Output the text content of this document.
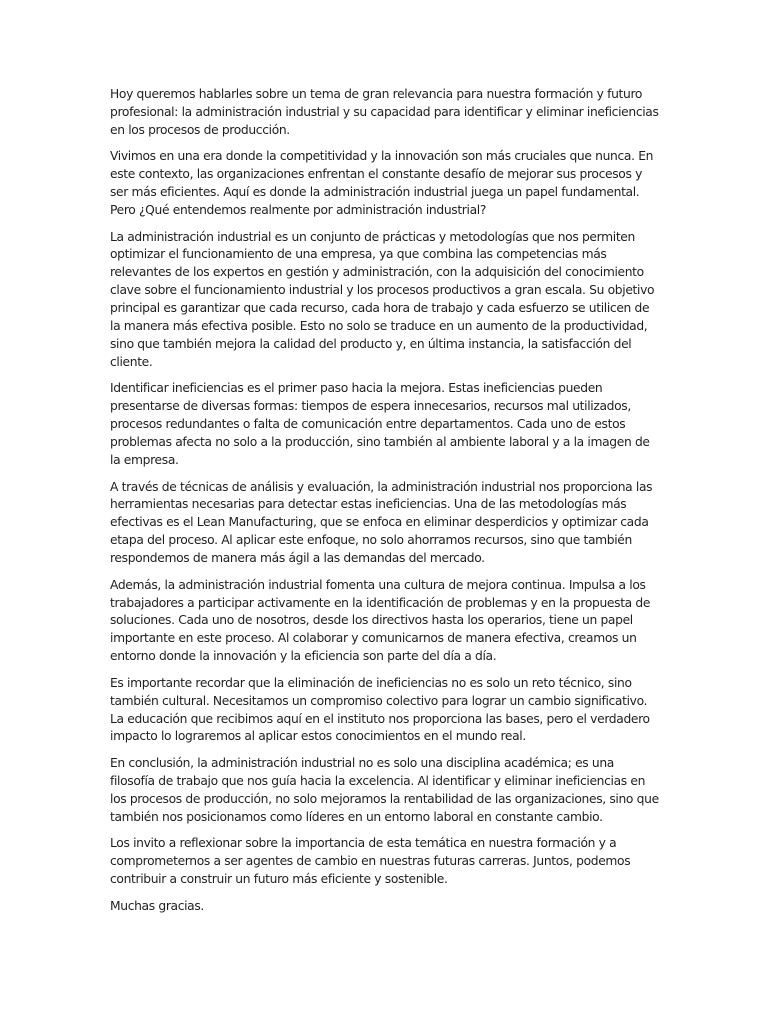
Hoy queremos hablarles sobre un tema de gran relevancia para nuestra formación y futuro profesional: la administración industrial y su capacidad para identificar y eliminar ineficiencias en los procesos de producción.

Vivimos en una era donde la competitividad y la innovación son más cruciales que nunca. En este contexto, las organizaciones enfrentan el constante desafío de mejorar sus procesos y ser más eficientes. Aquí es donde la administración industrial juega un papel fundamental. Pero ¿Qué entendemos realmente por administración industrial?

La administración industrial es un conjunto de prácticas y metodologías que nos permiten optimizar el funcionamiento de una empresa, ya que combina las competencias más relevantes de los expertos en gestión y administración, con la adquisición del conocimiento clave sobre el funcionamiento industrial y los procesos productivos a gran escala. Su objetivo principal es garantizar que cada recurso, cada hora de trabajo y cada esfuerzo se utilicen de la manera más efectiva posible. Esto no solo se traduce en un aumento de la productividad, sino que también mejora la calidad del producto y, en última instancia, la satisfacción del cliente.

Identificar ineficiencias es el primer paso hacia la mejora. Estas ineficiencias pueden presentarse de diversas formas: tiempos de espera innecesarios, recursos mal utilizados, procesos redundantes o falta de comunicación entre departamentos. Cada uno de estos problemas afecta no solo a la producción, sino también al ambiente laboral y a la imagen de la empresa.

A través de técnicas de análisis y evaluación, la administración industrial nos proporciona las herramientas necesarias para detectar estas ineficiencias. Una de las metodologías más efectivas es el Lean Manufacturing, que se enfoca en eliminar desperdicios y optimizar cada etapa del proceso. Al aplicar este enfoque, no solo ahorramos recursos, sino que también respondemos de manera más ágil a las demandas del mercado.

Además, la administración industrial fomenta una cultura de mejora continua. Impulsa a los trabajadores a participar activamente en la identificación de problemas y en la propuesta de soluciones. Cada uno de nosotros, desde los directivos hasta los operarios, tiene un papel importante en este proceso. Al colaborar y comunicarnos de manera efectiva, creamos un entorno donde la innovación y la eficiencia son parte del día a día.

Es importante recordar que la eliminación de ineficiencias no es solo un reto técnico, sino también cultural. Necesitamos un compromiso colectivo para lograr un cambio significativo. La educación que recibimos aquí en el instituto nos proporciona las bases, pero el verdadero impacto lo lograremos al aplicar estos conocimientos en el mundo real.

En conclusión, la administración industrial no es solo una disciplina académica; es una filosofía de trabajo que nos guía hacia la excelencia. Al identificar y eliminar ineficiencias en los procesos de producción, no solo mejoramos la rentabilidad de las organizaciones, sino que también nos posicionamos como líderes en un entorno laboral en constante cambio.

Los invito a reflexionar sobre la importancia de esta temática en nuestra formación y a comprometernos a ser agentes de cambio en nuestras futuras carreras. Juntos, podemos contribuir a construir un futuro más eficiente y sostenible.

Muchas gracias.
